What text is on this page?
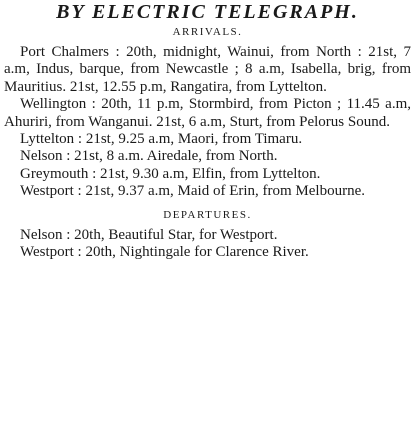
BY ELECTRIC TELEGRAPH.
ARRIVALS.

Port Chalmers : 20th, midnight, Wainui, from North : 21st, 7 a.m, Indus, barque, from Newcastle ; 8 a.m, Isabella, brig, from Mauritius. 21st, 12.55 p.m, Rangatira, from Lyttelton.

Wellington : 20th, 11 p.m, Stormbird, from Picton ; 11.45 a.m, Ahuriri, from Wanganui. 21st, 6 a.m, Sturt, from Pelorus Sound.

Lyttelton : 21st, 9.25 a.m, Maori, from Timaru.

Nelson : 21st, 8 a.m. Airedale, from North.

Greymouth : 21st, 9.30 a.m, Elfin, from Lyttelton.

Westport : 21st, 9.37 a.m, Maid of Erin, from Melbourne.

DEPARTURES.

Nelson : 20th, Beautiful Star, for Westport.

Westport : 20th, Nightingale for Clarence River.
